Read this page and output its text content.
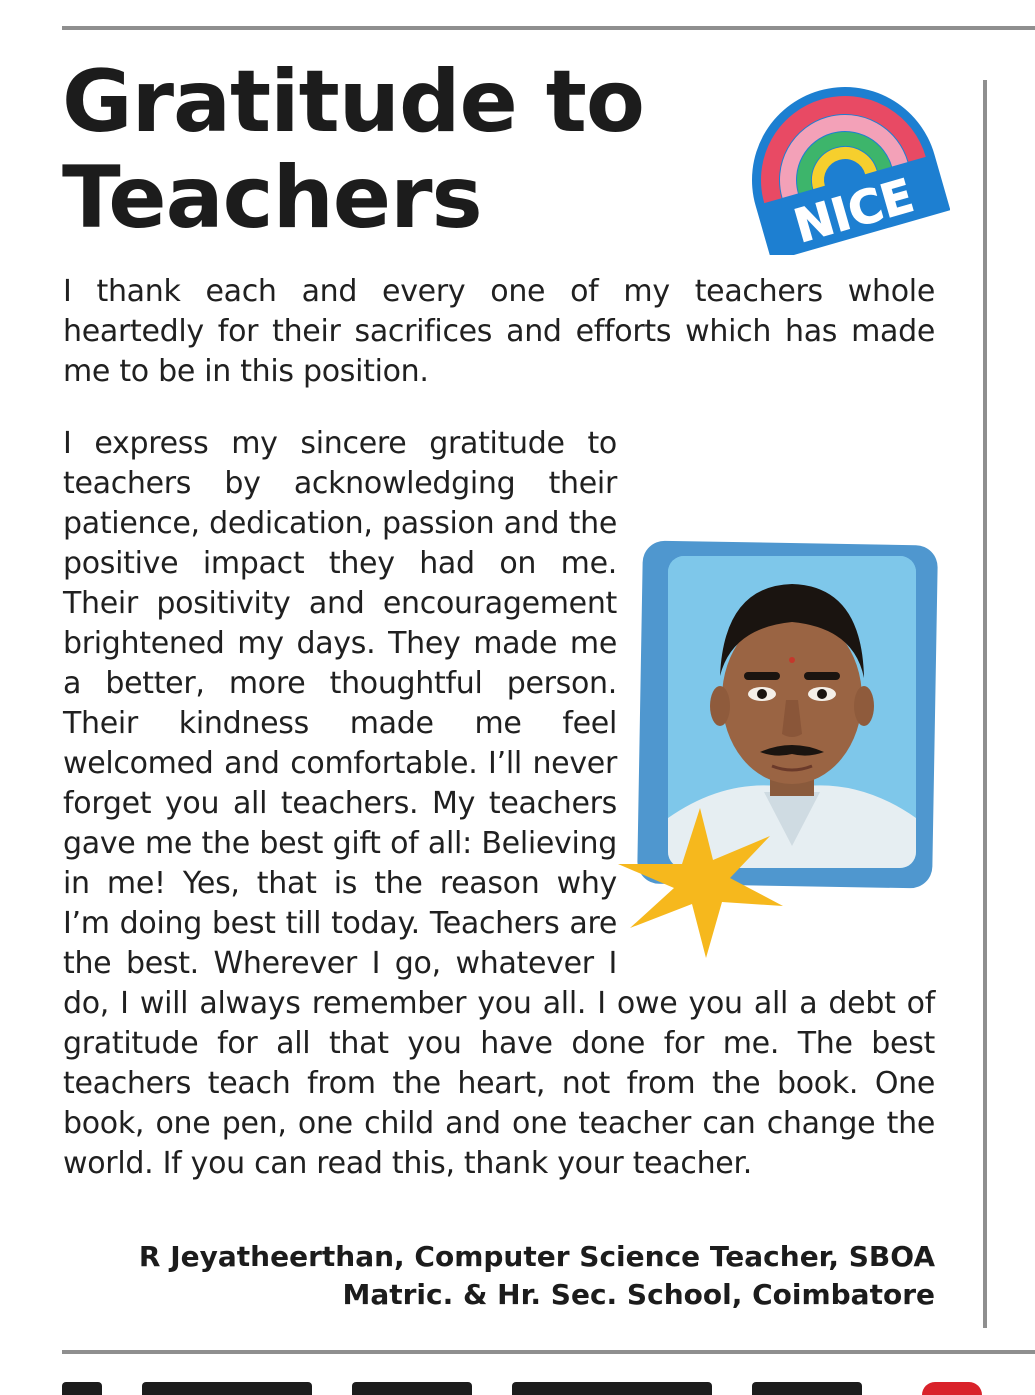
Gratitude to Teachers	NICE

I thank each and every one of my teachers whole heartedly for their sacrifices and efforts which has made me to be in this position.

I express my sincere gratitude to teachers by acknowledging their patience, dedication, passion and the positive impact they had on me. Their positivity and encouragement brightened my days. They made me a better, more thoughtful person. Their kindness made me feel welcomed and comfortable. I’ll never forget you all teachers. My teachers gave me the best gift of all: Believing in me! Yes, that is the reason why I’m doing best till today. Teachers are the best. Wherever I go, whatever I do, I will always remember you all. I owe you all a debt of gratitude for all that you have done for me. The best teachers teach from the heart, not from the book. One book, one pen, one child and one teacher can change the world. If you can read this, thank your teacher.

R Jeyatheerthan, Computer Science Teacher, SBOA
Matric. & Hr. Sec. School, Coimbatore
